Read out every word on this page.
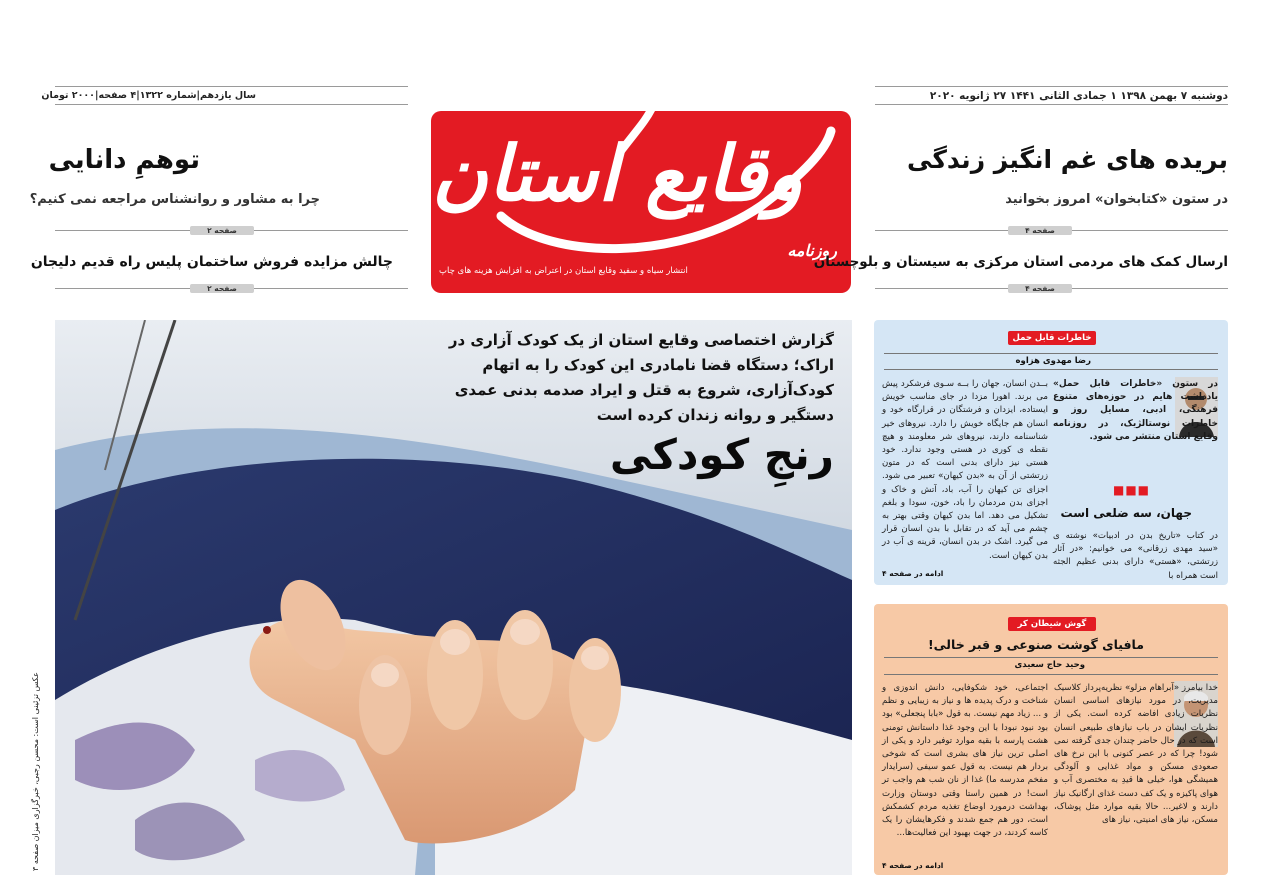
دوشنبه ۷ بهمن ۱۳۹۸ ۱ جمادی الثانی ۱۴۴۱ ۲۷ ژانویه ۲۰۲۰
سال یازدهم|شماره ۱۳۲۲|۴ صفحه|۲۰۰۰ تومان
وقایع استان
روزنامه
انتشار سیاه و سفید وقایع استان در اعتراض به افزایش هزینه های چاپ
بریده های غم انگیز زندگی
در ستون «کتابخوان» امروز بخوانید
صفحه ۴
ارسال کمک های مردمی استان مرکزی به سیستان و بلوچستان
صفحه ۴
توهمِ دانایی
چرا به مشاور و روانشناس مراجعه نمی کنیم؟
صفحه ۲
چالش مزایده فروش ساختمان پلیس راه قدیم دلیجان
صفحه ۲
گزارش اختصاصی وقایع استان از یک کودک آزاری در اراک؛ دستگاه قضا نامادری این کودک را به اتهام کودک‌آزاری، شروع به قتل و ایراد صدمه بدنی عمدی دستگیر و روانه زندان کرده است
رنجِ کودکی
عکس تزئینی است: محسن رجبی، خبرگزاری میزان صفحه ۳
خاطرات قابل حمل
رضا مهدوی هزاوه
در ستون «خاطرات قابل حمل» یادداشت هایم در حوزه‌های متنوع فرهنگی، ادبی، مسایل روز و خاطرات نوستالژیک، در روزنامه وقایع استان منتشر می شود.
■■■
جهان، سه ضلعی است
در کتاب «تاریخ بدن در ادبیات» نوشته ی «سید مهدی زرقانی» می خوانیم: «در آثار زرتشتی، «هستی» دارای بدنی عظیم الجثه است همراه با
بــدن انسان، جهان را بــه سـوی فرشکرد پیش می برند. اهورا مزدا در جای مناسب خویش ایستاده، ایزدان و فرشتگان در قرارگاه خود و انسان هم جایگاه خویش را دارد. نیروهای خیر شناسنامه دارند، نیروهای شر معلومند و هیچ نقطه ی کوری در هستی وجود ندارد. خود هستی نیز دارای بدنی است که در متون زرتشتی از آن به «بدن کیهان» تعبیر می شود. اجزای تن کیهان را آب، باد، آتش و خاک و اجزای بدن مردمان را باد، خون، سودا و بلغم تشکیل می دهد. اما بدن کیهان وقتی بهتر به چشم می آید که در تقابل با بدن انسان قرار می گیرد. اشک در بدن انسان، قرینه ی آب در بدن کیهان است.
ادامه در صفحه ۴
گوش شیطان کر
مافیای گوشت صنوعی و قبر خالی!
وحید حاج سعیدی
خدا بیامرز «آبراهام مزلو» نظریه‌پرداز کلاسیک مدیریت، در مورد نیازهای اساسی انسان نظریات زیادی افاضه کرده است. یکی از نظریات ایشان در باب نیازهای طبیعی انسان است که در حال حاضر چندان جدی گرفته نمی شود! چرا که در عصر کنونی با این نرخ های صعودی مسکن و مواد غذایی و آلودگی همیشگی هوا، خیلی ها قیدِ به مختصری آب و هوای پاکیزه و یک کف دست غذای ارگانیک نیاز دارند و لاغیر... حالا بقیه موارد مثل پوشاک، مسکن، نیاز های امنیتی، نیاز های
اجتماعی، خود شکوفایی، دانش اندوزی و شناخت و درک پدیده ها و نیاز به زیبایی و نظم و ... زیاد مهم نیست. به قول «بابا پنجعلی» بود بود نبود نبودا با این وجود غذا داستانش تومنی هشت پارسه با بقیه موارد توفیر دارد و یکی از اصلی ترین نیاز های بشری است که شوخی بردار هم نیست. به قول عمو سیفی (سرایدار مفخم مدرسه ما) غذا از نان شب هم واجب تر است! در همین راستا وقتی دوستان وزارت بهداشت درمورد اوضاع تغذیه مردم کشمکش است، دور هم جمع شدند و فکرهایشان را یک کاسه کردند، در جهت بهبود این فعالیت‌ها...
ادامه در صفحه ۴
